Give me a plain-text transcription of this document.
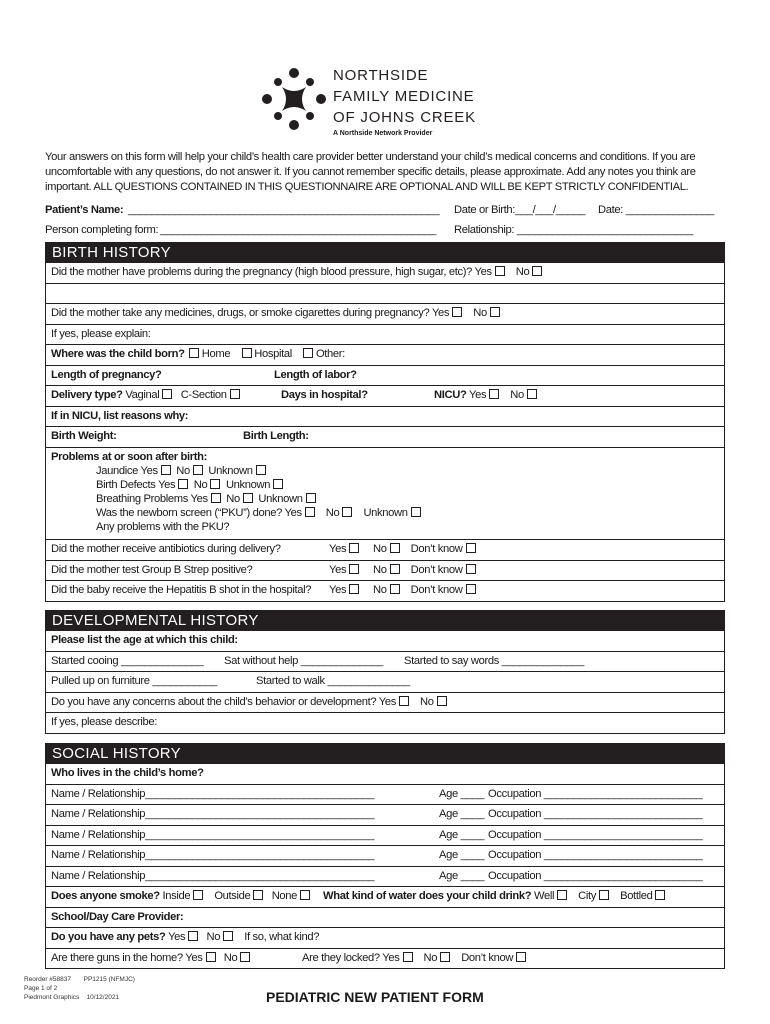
NORTHSIDE
FAMILY MEDICINE
OF JOHNS CREEK
A Northside Network Provider
Your answers on this form will help your child’s health care provider better understand your child’s medical concerns and conditions. If you are
uncomfortable with any questions, do not answer it. If you cannot remember specific details, please approximate. Add any notes you think are
important. ALL QUESTIONS CONTAINED IN THIS QUESTIONNAIRE ARE OPTIONAL AND WILL BE KEPT STRICTLY CONFIDENTIAL.
Patient’s Name: _____________________________________________________ Date or Birth:___/___/_____ Date: _______________
Person completing form: _______________________________________________ Relationship: ______________________________
BIRTH HISTORY
Did the mother have problems during the pregnancy (high blood pressure, high sugar, etc)? Yes No
Did the mother take any medicines, drugs, or smoke cigarettes during pregnancy? Yes No
If yes, please explain:
Where was the child born?	Home Hospital Other:
Length of pregnancy?	Length of labor?
Delivery type? Vaginal C-Section	Days in hospital?	NICU? Yes No
If in NICU, list reasons why:
Birth Weight:	Birth Length:
Problems at or soon after birth:
Jaundice Yes No Unknown
Birth Defects Yes No Unknown
Breathing Problems Yes No Unknown
Was the newborn screen (“PKU”) done? Yes No Unknown
Any problems with the PKU?
Did the mother receive antibiotics during delivery?	Yes No Don’t know
Did the mother test Group B Strep positive?	Yes No Don’t know
Did the baby receive the Hepatitis B shot in the hospital? Yes No Don’t know
DEVELOPMENTAL HISTORY
Please list the age at which this child:
Started cooing ______________ Sat without help ______________ Started to say words ______________
Pulled up on furniture ___________	Started to walk ______________
Do you have any concerns about the child’s behavior or development? Yes No
If yes, please describe:
SOCIAL HISTORY
Who lives in the child’s home?
Name / Relationship_______________________________________	Age ____ Occupation ___________________________
Name / Relationship_______________________________________	Age ____ Occupation ___________________________
Name / Relationship_______________________________________	Age ____ Occupation ___________________________
Name / Relationship_______________________________________	Age ____ Occupation ___________________________
Name / Relationship_______________________________________	Age ____ Occupation ___________________________
Does anyone smoke? Inside Outside None	What kind of water does your child drink? Well City Bottled
School/Day Care Provider:
Do you have any pets? Yes No If so, what kind?
Are there guns in the home? Yes No	Are they locked? Yes No Don’t know
Reorder #58837 PP1215 (NFMJC)
Page 1 of 2
Piedmont Graphics 10/12/2021	PEDIATRIC NEW PATIENT FORM
